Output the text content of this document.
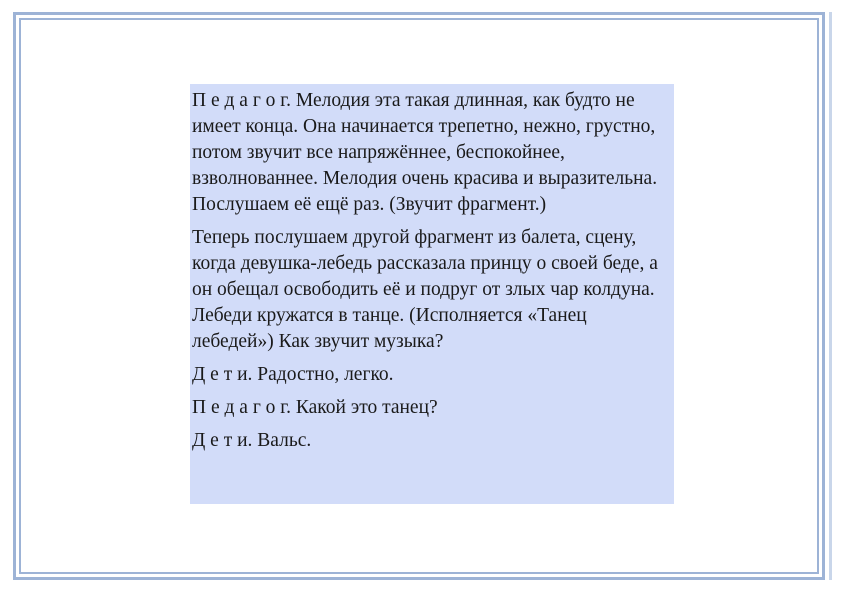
П е д а г о г. Мелодия эта такая длинная, как будто не имеет конца. Она начинается трепетно, нежно, грустно, потом звучит все напряжённее, беспокойнее, взволнованнее. Мелодия очень красива и выразительна. Послушаем её ещё раз. (Звучит фрагмент.)

Теперь послушаем другой фрагмент из балета, сцену, когда девушка-лебедь рассказала принцу о своей беде, а он обещал освободить её и подруг от злых чар колдуна. Лебеди кружатся в танце. (Исполняется «Танец лебедей») Как звучит музыка?

Д е т и. Радостно, легко.

П е д а г о г. Какой это танец?

Д е т и. Вальс.
